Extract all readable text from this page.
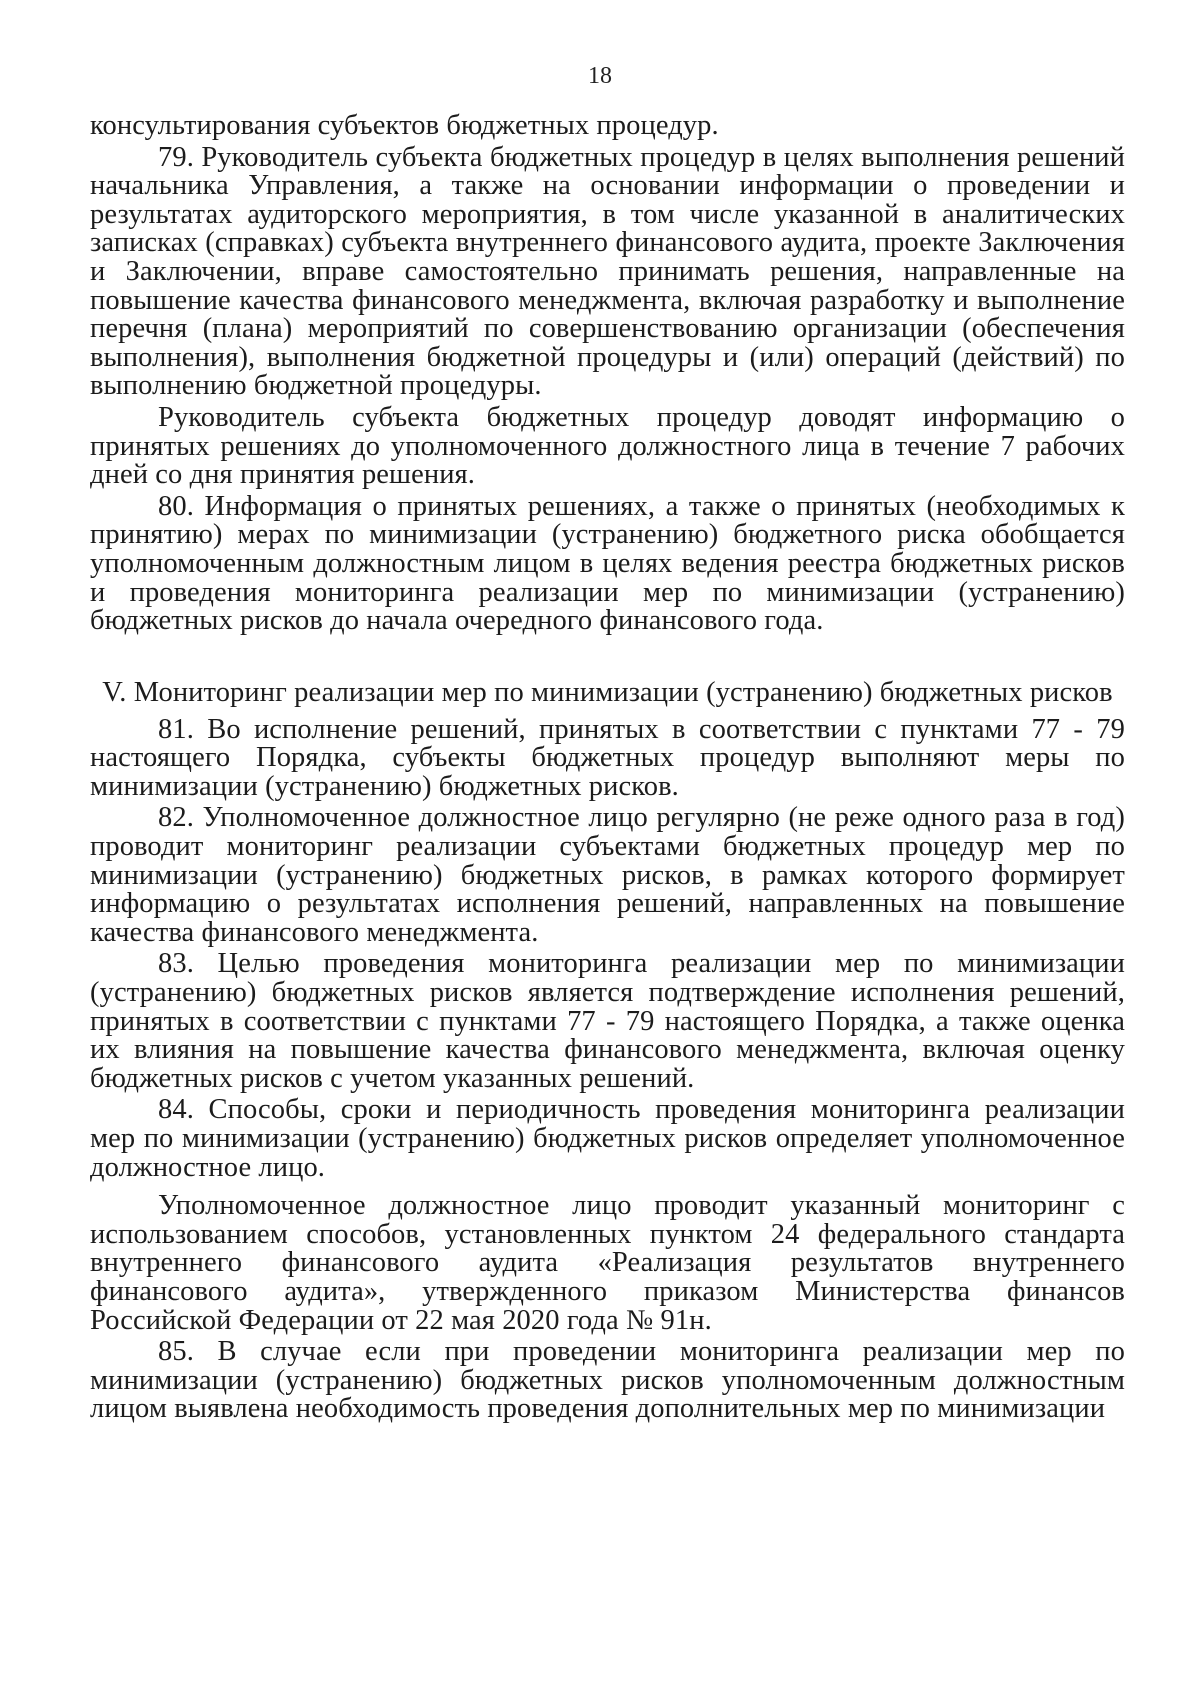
18

консультирования субъектов бюджетных процедур.

79. Руководитель субъекта бюджетных процедур в целях выполнения решений начальника Управления, а также на основании информации о проведении и результатах аудиторского мероприятия, в том числе указанной в аналитических записках (справках) субъекта внутреннего финансового аудита, проекте Заключения и Заключении, вправе самостоятельно принимать решения, направленные на повышение качества финансового менеджмента, включая разработку и выполнение перечня (плана) мероприятий по совершенствованию организации (обеспечения выполнения), выполнения бюджетной процедуры и (или) операций (действий) по выполнению бюджетной процедуры.

Руководитель субъекта бюджетных процедур доводят информацию о принятых решениях до уполномоченного должностного лица в течение 7 рабочих дней со дня принятия решения.

80. Информация о принятых решениях, а также о принятых (необходимых к принятию) мерах по минимизации (устранению) бюджетного риска обобщается уполномоченным должностным лицом в целях ведения реестра бюджетных рисков и проведения мониторинга реализации мер по минимизации (устранению) бюджетных рисков до начала очередного финансового года.

V. Мониторинг реализации мер по минимизации (устранению) бюджетных рисков

81. Во исполнение решений, принятых в соответствии с пунктами 77 - 79 настоящего Порядка, субъекты бюджетных процедур выполняют меры по минимизации (устранению) бюджетных рисков.

82. Уполномоченное должностное лицо регулярно (не реже одного раза в год) проводит мониторинг реализации субъектами бюджетных процедур мер по минимизации (устранению) бюджетных рисков, в рамках которого формирует информацию о результатах исполнения решений, направленных на повышение качества финансового менеджмента.

83. Целью проведения мониторинга реализации мер по минимизации (устранению) бюджетных рисков является подтверждение исполнения решений, принятых в соответствии с пунктами 77 - 79 настоящего Порядка, а также оценка их влияния на повышение качества финансового менеджмента, включая оценку бюджетных рисков с учетом указанных решений.

84. Способы, сроки и периодичность проведения мониторинга реализации мер по минимизации (устранению) бюджетных рисков определяет уполномоченное должностное лицо.

Уполномоченное должностное лицо проводит указанный мониторинг с использованием способов, установленных пунктом 24 федерального стандарта внутреннего финансового аудита «Реализация результатов внутреннего финансового аудита», утвержденного приказом Министерства финансов Российской Федерации от 22 мая 2020 года № 91н.

85. В случае если при проведении мониторинга реализации мер по минимизации (устранению) бюджетных рисков уполномоченным должностным лицом выявлена необходимость проведения дополнительных мер по минимизации
